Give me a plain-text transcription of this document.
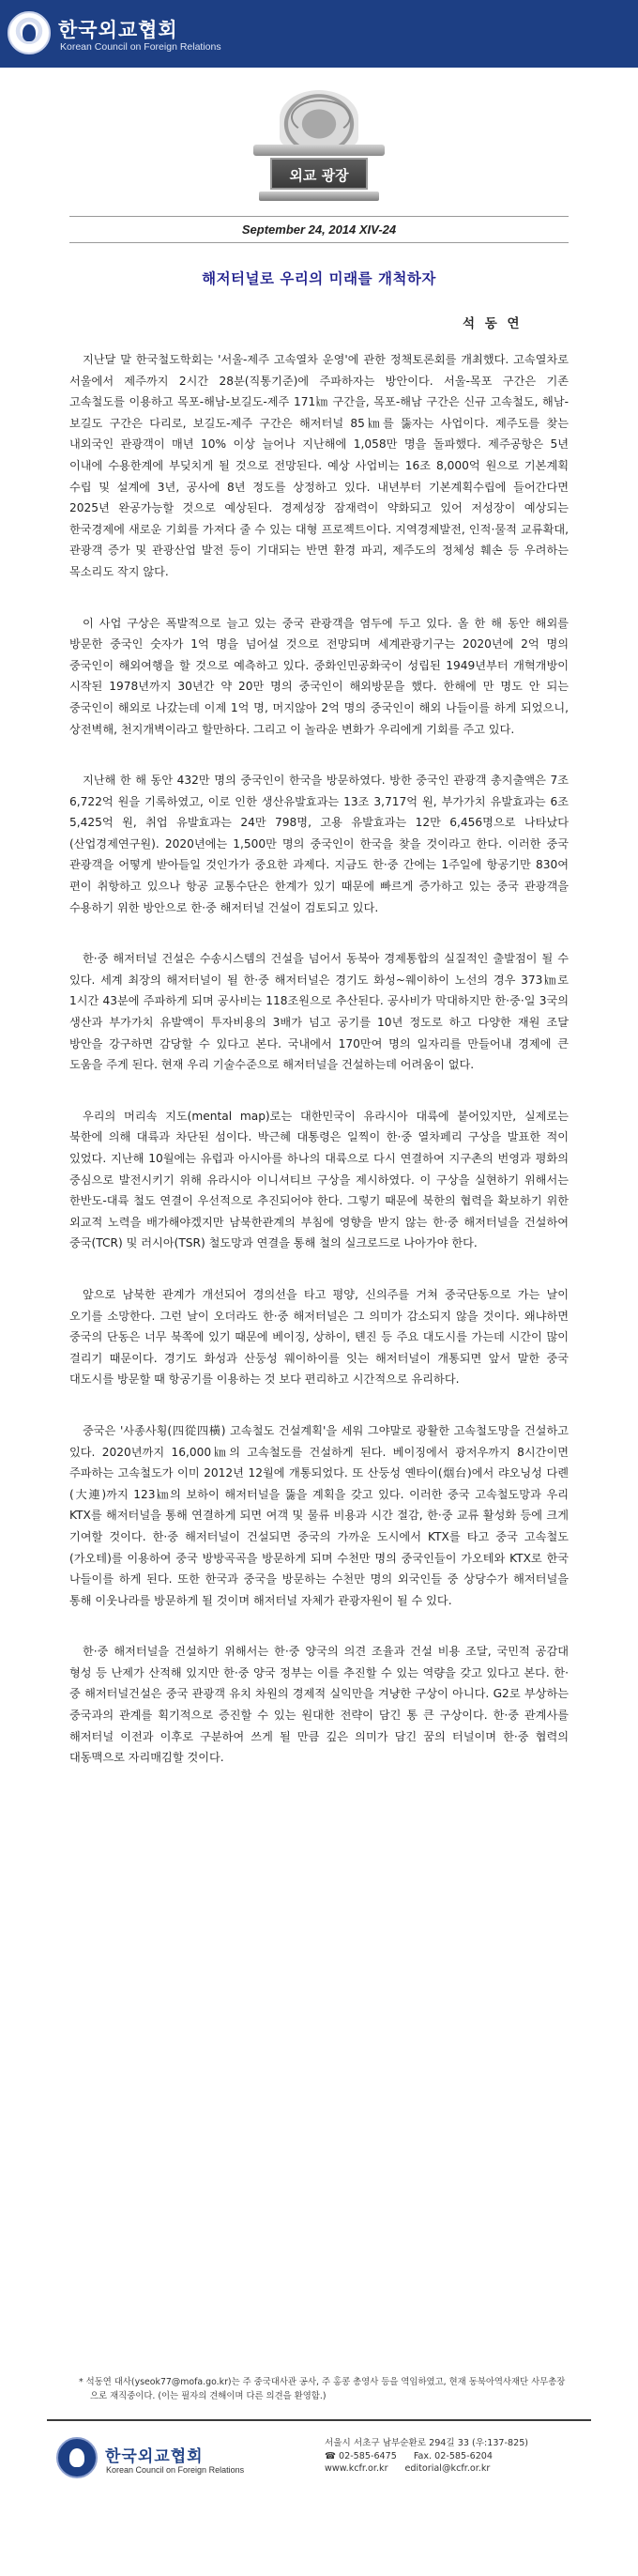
한국외교협회
Korean Council on Foreign Relations
외교 광장
September 24, 2014 XIV-24
해저터널로 우리의 미래를 개척하자
석 동 연

지난달 말 한국철도학회는 '서울-제주 고속열차 운영'에 관한 정책토론회를 개최했다. 고속열차로 서울에서 제주까지 2시간 28분(직통기준)에 주파하자는 방안이다. 서울-목포 구간은 기존 고속철도를 이용하고 목포-해남-보길도-제주 171㎞ 구간을, 목포-해남 구간은 신규 고속철도, 해남-보길도 구간은 다리로, 보길도-제주 구간은 해저터널 85㎞를 뚫자는 사업이다. 제주도를 찾는 내외국인 관광객이 매년 10% 이상 늘어나 지난해에 1,058만 명을 돌파했다. 제주공항은 5년 이내에 수용한계에 부딪치게 될 것으로 전망된다. 예상 사업비는 16조 8,000억 원으로 기본계획 수립 및 설계에 3년, 공사에 8년 정도를 상정하고 있다. 내년부터 기본계획수립에 들어간다면 2025년 완공가능할 것으로 예상된다. 경제성장 잠재력이 약화되고 있어 저성장이 예상되는 한국경제에 새로운 기회를 가져다 줄 수 있는 대형 프로젝트이다. 지역경제발전, 인적·물적 교류확대, 관광객 증가 및 관광산업 발전 등이 기대되는 반면 환경 파괴, 제주도의 정체성 훼손 등 우려하는 목소리도 작지 않다.

이 사업 구상은 폭발적으로 늘고 있는 중국 관광객을 염두에 두고 있다. 올 한 해 동안 해외를 방문한 중국인 숫자가 1억 명을 넘어설 것으로 전망되며 세계관광기구는 2020년에 2억 명의 중국인이 해외여행을 할 것으로 예측하고 있다. 중화인민공화국이 성립된 1949년부터 개혁개방이 시작된 1978년까지 30년간 약 20만 명의 중국인이 해외방문을 했다. 한해에 만 명도 안 되는 중국인이 해외로 나갔는데 이제 1억 명, 머지않아 2억 명의 중국인이 해외 나들이를 하게 되었으니, 상전벽해, 천지개벽이라고 할만하다. 그리고 이 놀라운 변화가 우리에게 기회를 주고 있다.

지난해 한 해 동안 432만 명의 중국인이 한국을 방문하였다. 방한 중국인 관광객 총지출액은 7조 6,722억 원을 기록하였고, 이로 인한 생산유발효과는 13조 3,717억 원, 부가가치 유발효과는 6조 5,425억 원, 취업 유발효과는 24만 798명, 고용 유발효과는 12만 6,456명으로 나타났다(산업경제연구원). 2020년에는 1,500만 명의 중국인이 한국을 찾을 것이라고 한다. 이러한 중국 관광객을 어떻게 받아들일 것인가가 중요한 과제다. 지금도 한·중 간에는 1주일에 항공기만 830여 편이 취항하고 있으나 항공 교통수단은 한계가 있기 때문에 빠르게 증가하고 있는 중국 관광객을 수용하기 위한 방안으로 한·중 해저터널 건설이 검토되고 있다.

한·중 해저터널 건설은 수송시스템의 건설을 넘어서 동북아 경제통합의 실질적인 출발점이 될 수 있다. 세계 최장의 해저터널이 될 한·중 해저터널은 경기도 화성~웨이하이 노선의 경우 373㎞로 1시간 43분에 주파하게 되며 공사비는 118조원으로 추산된다. 공사비가 막대하지만 한·중·일 3국의 생산과 부가가치 유발액이 투자비용의 3배가 넘고 공기를 10년 정도로 하고 다양한 재원 조달 방안을 강구하면 감당할 수 있다고 본다. 국내에서 170만여 명의 일자리를 만들어내 경제에 큰 도움을 주게 된다. 현재 우리 기술수준으로 해저터널을 건설하는데 어려움이 없다.

우리의 머리속 지도(mental map)로는 대한민국이 유라시아 대륙에 붙어있지만, 실제로는 북한에 의해 대륙과 차단된 섬이다. 박근혜 대통령은 일찍이 한·중 열차페리 구상을 발표한 적이 있었다. 지난해 10월에는 유럽과 아시아를 하나의 대륙으로 다시 연결하여 지구촌의 번영과 평화의 중심으로 발전시키기 위해 유라시아 이니셔티브 구상을 제시하였다. 이 구상을 실현하기 위해서는 한반도-대륙 철도 연결이 우선적으로 추진되어야 한다. 그렇기 때문에 북한의 협력을 확보하기 위한 외교적 노력을 배가해야겠지만 남북한관계의 부침에 영향을 받지 않는 한·중 해저터널을 건설하여 중국(TCR) 및 러시아(TSR) 철도망과 연결을 통해 철의 실크로드로 나아가야 한다.

앞으로 남북한 관계가 개선되어 경의선을 타고 평양, 신의주를 거쳐 중국단동으로 가는 날이 오기를 소망한다. 그런 날이 오더라도 한·중 해저터널은 그 의미가 감소되지 않을 것이다. 왜냐하면 중국의 단동은 너무 북쪽에 있기 때문에 베이징, 상하이, 톈진 등 주요 대도시를 가는데 시간이 많이 걸리기 때문이다. 경기도 화성과 산둥성 웨이하이를 잇는 해저터널이 개통되면 앞서 말한 중국 대도시를 방문할 때 항공기를 이용하는 것 보다 편리하고 시간적으로 유리하다.

중국은 '사종사횡(四從四橫) 고속철도 건설계획'을 세워 그야말로 광활한 고속철도망을 건설하고 있다. 2020년까지 16,000㎞의 고속철도를 건설하게 된다. 베이징에서 광저우까지 8시간이면 주파하는 고속철도가 이미 2012년 12월에 개통되었다. 또 산둥성 옌타이(烟台)에서 랴오닝성 다롄(大連)까지 123㎞의 보하이 해저터널을 뚫을 계획을 갖고 있다. 이러한 중국 고속철도망과 우리 KTX를 해저터널을 통해 연결하게 되면 여객 및 물류 비용과 시간 절감, 한·중 교류 활성화 등에 크게 기여할 것이다. 한·중 해저터널이 건설되면 중국의 가까운 도시에서 KTX를 타고 중국 고속철도(가오테)를 이용하여 중국 방방곡곡을 방문하게 되며 수천만 명의 중국인들이 가오테와 KTX로 한국 나들이를 하게 된다. 또한 한국과 중국을 방문하는 수천만 명의 외국인들 중 상당수가 해저터널을 통해 이웃나라를 방문하게 될 것이며 해저터널 자체가 관광자원이 될 수 있다.

한·중 해저터널을 건설하기 위해서는 한·중 양국의 의견 조율과 건설 비용 조달, 국민적 공감대 형성 등 난제가 산적해 있지만 한·중 양국 정부는 이를 추진할 수 있는 역량을 갖고 있다고 본다. 한·중 해저터널건설은 중국 관광객 유치 차원의 경제적 실익만을 겨냥한 구상이 아니다. G2로 부상하는 중국과의 관계를 획기적으로 증진할 수 있는 원대한 전략이 담긴 통 큰 구상이다. 한·중 관계사를 해저터널 이전과 이후로 구분하여 쓰게 될 만큼 깊은 의미가 담긴 꿈의 터널이며 한·중 협력의 대동맥으로 자리매김할 것이다.

* 석동연 대사(yseok77@mofa.go.kr)는 주 중국대사관 공사, 주 홍콩 총영사 등을 역임하였고, 현재 동북아역사재단 사무총장으로 재직중이다. (이는 필자의 견해이며 다른 의견을 환영함.)
한국외교협회
Korean Council on Foreign Relations
서울시 서초구 남부순환로 294길 33 (우:137-825)
☎ 02-585-6475 Fax. 02-585-6204
www.kcfr.or.kr editorial@kcfr.or.kr
